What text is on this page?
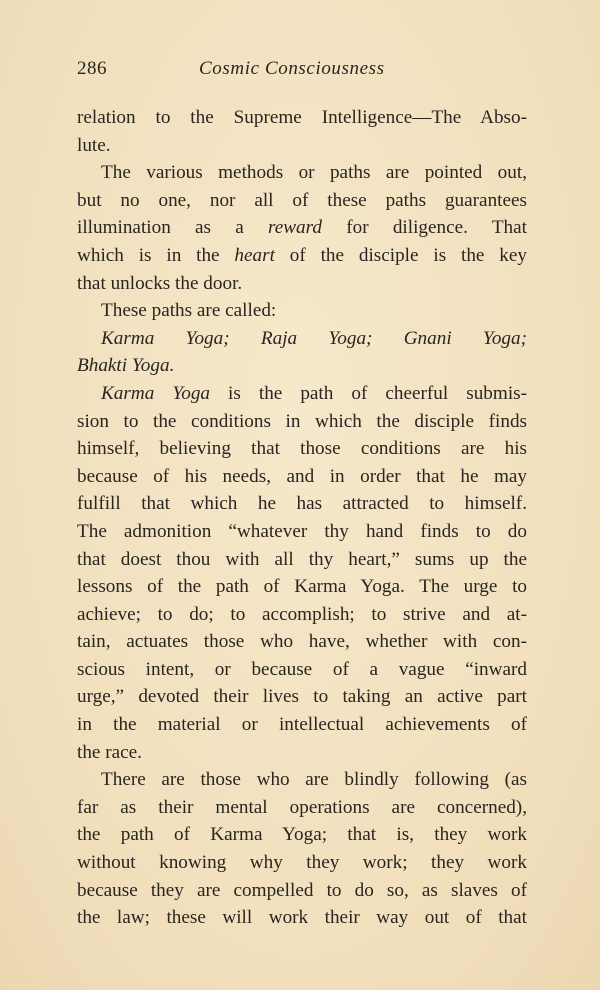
286	Cosmic Consciousness
relation to the Supreme Intelligence—The Abso-
lute.
The various methods or paths are pointed out,
but no one, nor all of these paths guarantees
illumination as a reward for diligence. That
which is in the heart of the disciple is the key
that unlocks the door.
These paths are called:
Karma Yoga; Raja Yoga; Gnani Yoga;
Bhakti Yoga.
Karma Yoga is the path of cheerful submis-
sion to the conditions in which the disciple finds
himself, believing that those conditions are his
because of his needs, and in order that he may
fulfill that which he has attracted to himself.
The admonition “whatever thy hand finds to do
that doest thou with all thy heart,” sums up the
lessons of the path of Karma Yoga. The urge to
achieve; to do; to accomplish; to strive and at-
tain, actuates those who have, whether with con-
scious intent, or because of a vague “inward
urge,” devoted their lives to taking an active part
in the material or intellectual achievements of
the race.
There are those who are blindly following (as
far as their mental operations are concerned),
the path of Karma Yoga; that is, they work
without knowing why they work; they work
because they are compelled to do so, as slaves of
the law; these will work their way out of that
